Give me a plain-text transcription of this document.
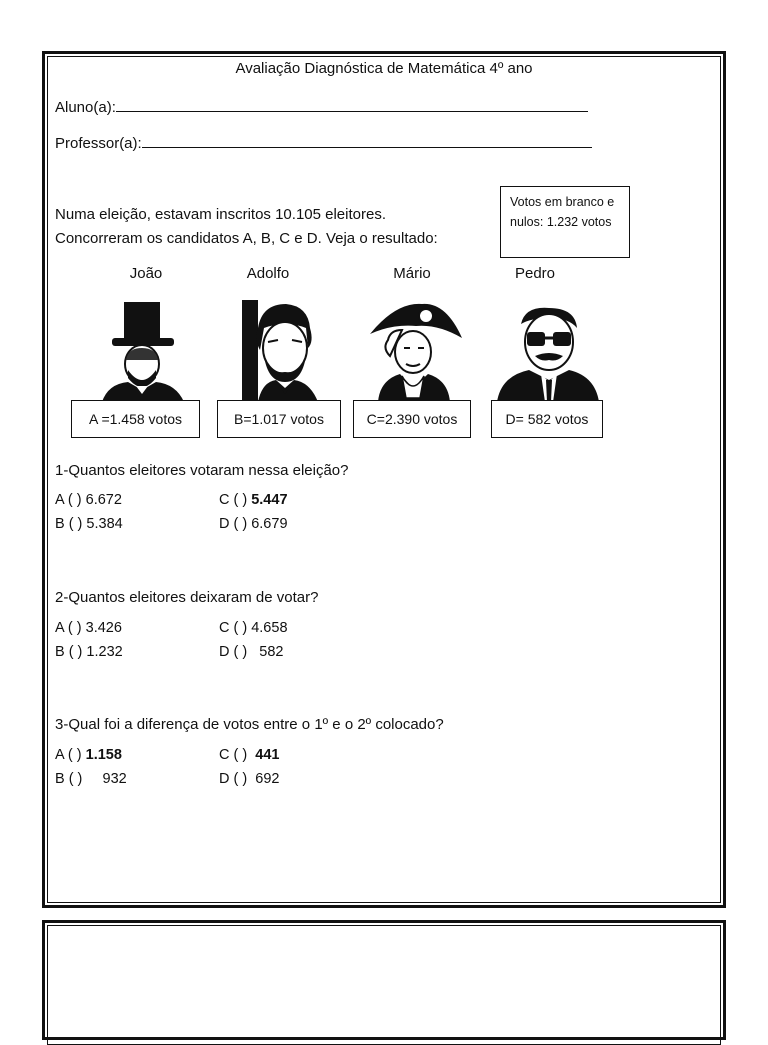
Avaliação Diagnóstica de Matemática 4º ano
Aluno(a):
Professor(a):
Numa eleição, estavam inscritos 10.105 eleitores.
Concorreram os candidatos A, B, C e D. Veja o resultado:
Votos em branco e nulos: 1.232 votos
João	Adolfo	Mário	Pedro
A =1.458 votos	B=1.017 votos	C=2.390 votos	D= 582 votos
1-Quantos eleitores votaram nessa eleição?
A ( ) 6.672	C ( ) 5.447
B ( ) 5.384	D ( ) 6.679
2-Quantos eleitores deixaram de votar?
A ( ) 3.426	C ( ) 4.658
B ( ) 1.232	D ( ) 582
3-Qual foi a diferença de votos entre o 1º e o 2º colocado?
A ( ) 1.158	C ( ) 441
B ( ) 932	D ( ) 692
